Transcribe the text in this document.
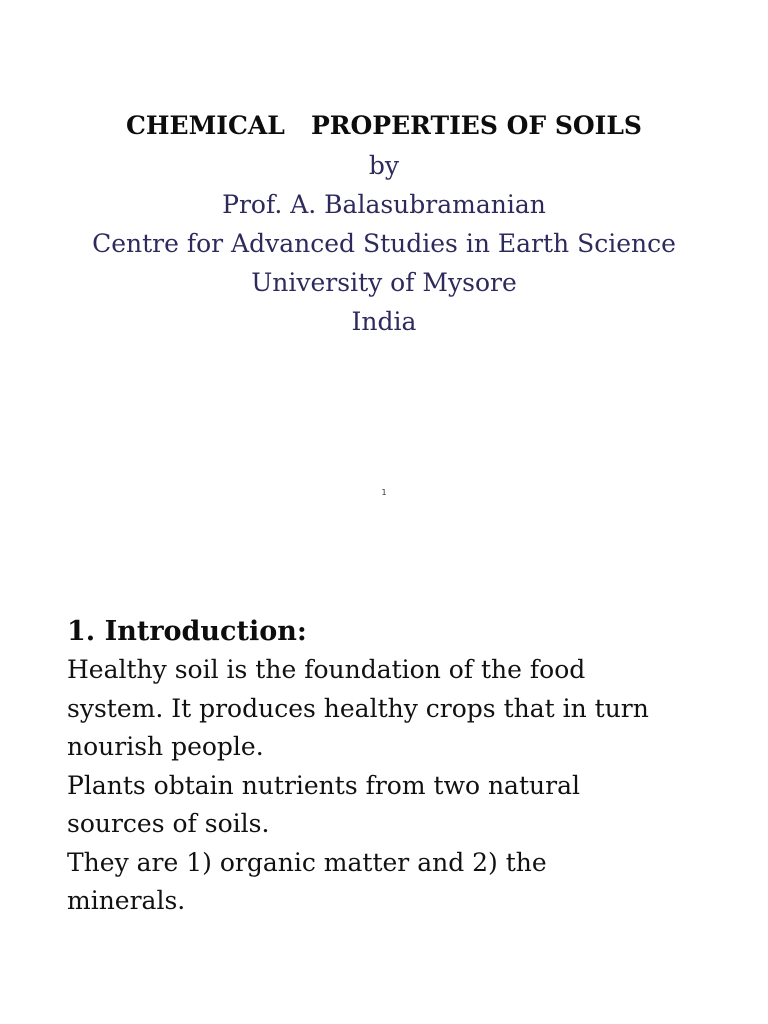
CHEMICAL   PROPERTIES OF SOILS

by

Prof. A. Balasubramanian

Centre for Advanced Studies in Earth Science

University of Mysore

India

1
1. Introduction:

Healthy soil is the foundation of the food
system. It produces healthy crops that in turn
nourish people.
Plants obtain nutrients from two natural
sources of soils.
They are 1) organic matter and 2) the
minerals.
